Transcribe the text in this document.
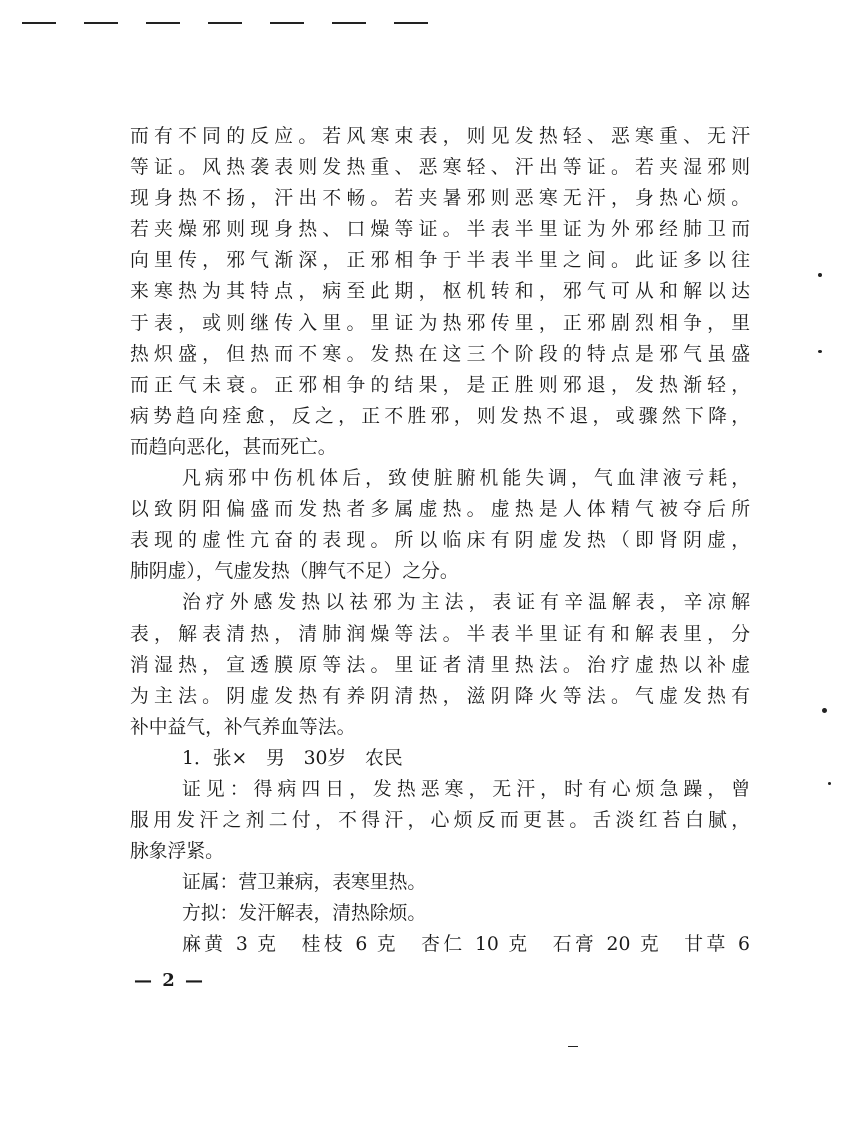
而有不同的反应。若风寒束表，则见发热轻、恶寒重、无汗
等证。风热袭表则发热重、恶寒轻、汗出等证。若夹湿邪则
现身热不扬，汗出不畅。若夹暑邪则恶寒无汗，身热心烦。
若夹燥邪则现身热、口燥等证。半表半里证为外邪经肺卫而
向里传，邪气渐深，正邪相争于半表半里之间。此证多以往
来寒热为其特点，病至此期，枢机转和，邪气可从和解以达
于表，或则继传入里。里证为热邪传里，正邪剧烈相争，里
热炽盛，但热而不寒。发热在这三个阶段的特点是邪气虽盛
而正气未衰。正邪相争的结果，是正胜则邪退，发热渐轻，
病势趋向痊愈，反之，正不胜邪，则发热不退，或骤然下降，
而趋向恶化，甚而死亡。
凡病邪中伤机体后，致使脏腑机能失调，气血津液亏耗，
以致阴阳偏盛而发热者多属虚热。虚热是人体精气被夺后所
表现的虚性亢奋的表现。所以临床有阴虚发热（即肾阴虚，
肺阴虚），气虚发热（脾气不足）之分。
治疗外感发热以祛邪为主法，表证有辛温解表，辛凉解
表，解表清热，清肺润燥等法。半表半里证有和解表里，分
消湿热，宣透膜原等法。里证者清里热法。治疗虚热以补虚
为主法。阴虚发热有养阴清热，滋阴降火等法。气虚发热有
补中益气，补气养血等法。
1．张×　男　30岁　农民
证见：得病四日，发热恶寒，无汗，时有心烦急躁，曾
服用发汗之剂二付，不得汗，心烦反而更甚。舌淡红苔白腻，
脉象浮紧。
证属：营卫兼病，表寒里热。
方拟：发汗解表，清热除烦。
麻黄 3 克　桂枝 6 克　杏仁 10 克　石膏 20 克　甘草 6
— 2 —
